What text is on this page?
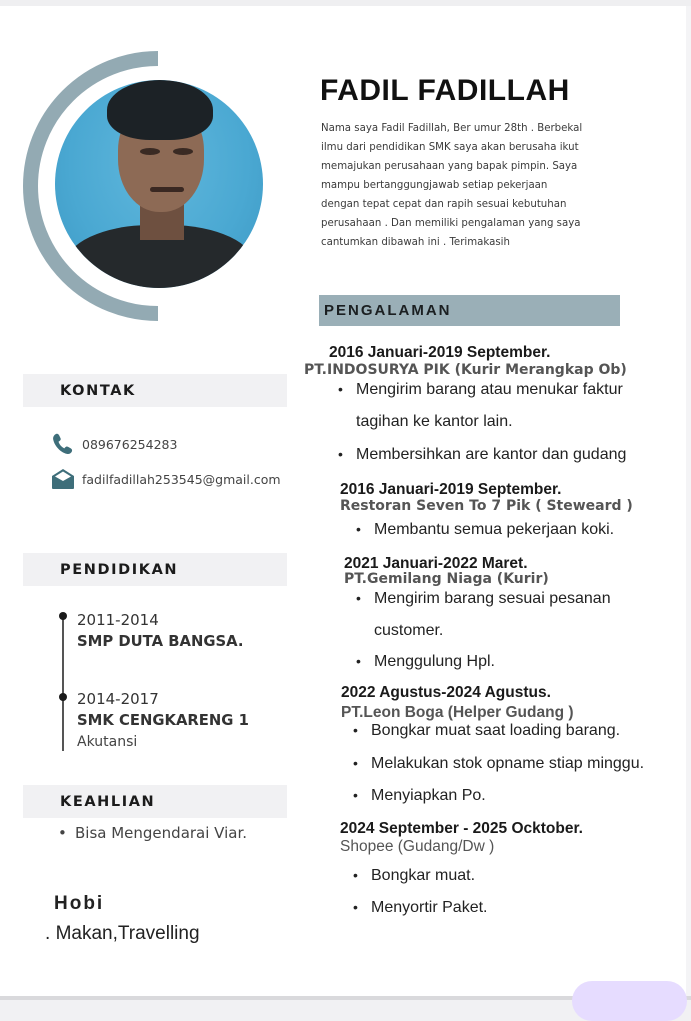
FADIL FADILLAH
Nama saya Fadil Fadillah, Ber umur 28th . Berbekal
ilmu dari pendidikan SMK saya akan berusaha ikut
memajukan perusahaan yang bapak pimpin. Saya
mampu bertanggungjawab setiap pekerjaan
dengan tepat cepat dan rapih sesuai kebutuhan
perusahaan . Dan memiliki pengalaman yang saya
cantumkan dibawah ini . Terimakasih
PENGALAMAN
2016 Januari-2019 September.
PT.INDOSURYA PIK (Kurir Merangkap Ob)
• Mengirim barang atau menukar faktur
tagihan ke kantor lain.
• Membersihkan are kantor dan gudang
2016 Januari-2019 September.
Restoran Seven To 7 Pik ( Steweard )
• Membantu semua pekerjaan koki.
2021 Januari-2022 Maret.
PT.Gemilang Niaga (Kurir)
• Mengirim barang sesuai pesanan
customer.
• Menggulung Hpl.
2022 Agustus-2024 Agustus.
PT.Leon Boga (Helper Gudang )
• Bongkar muat saat loading barang.
• Melakukan stok opname stiap minggu.
• Menyiapkan Po.
2024 September - 2025 Ocktober.
Shopee (Gudang/Dw )
• Bongkar muat.
• Menyortir Paket.
KONTAK
089676254283
fadilfadillah253545@gmail.com
PENDIDIKAN
2011-2014
SMP DUTA BANGSA.
2014-2017
SMK CENGKARENG 1
Akutansi
KEAHLIAN
• Bisa Mengendarai Viar.
Hobi
. Makan,Travelling
